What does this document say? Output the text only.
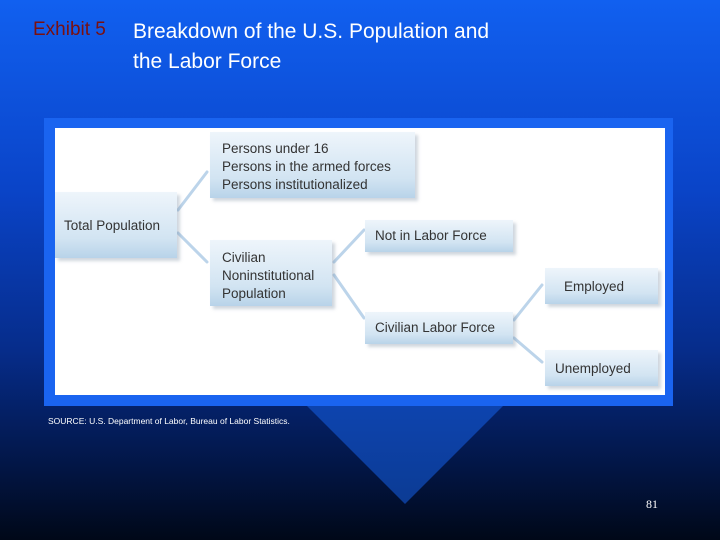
Exhibit 5 Breakdown of the U.S. Population and
the Labor Force
Persons under 16
Persons in the armed forces
Persons institutionalized
Total Population
Civilian
Noninstitutional
Population
Not in Labor Force
Civilian Labor Force
Employed
Unemployed
SOURCE: U.S. Department of Labor, Bureau of Labor Statistics.
81
